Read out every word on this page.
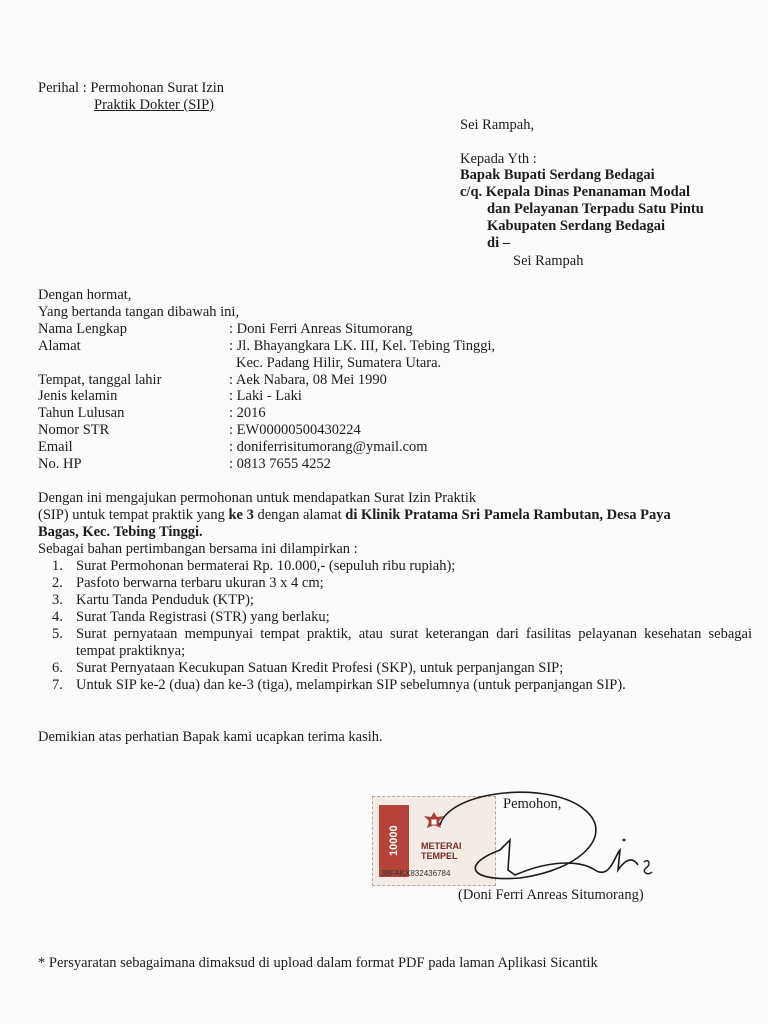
Perihal : Permohonan Surat Izin
Praktik Dokter (SIP)
Sei Rampah,
Kepada Yth :
Bapak Bupati Serdang Bedagai
c/q. Kepala Dinas Penanaman Modal
dan Pelayanan Terpadu Satu Pintu
Kabupaten Serdang Bedagai
di –
Sei Rampah
Dengan hormat,
Yang bertanda tangan dibawah ini,
Nama Lengkap	: Doni Ferri Anreas Situmorang
Alamat	: Jl. Bhayangkara LK. III, Kel. Tebing Tinggi,
Kec. Padang Hilir, Sumatera Utara.
Tempat, tanggal lahir	: Aek Nabara, 08 Mei 1990
Jenis kelamin	: Laki - Laki
Tahun Lulusan	: 2016
Nomor STR	: EW00000500430224
Email	: doniferrisitumorang@ymail.com
No. HP	: 0813 7655 4252
Dengan ini mengajukan permohonan untuk mendapatkan Surat Izin Praktik
(SIP) untuk tempat praktik yang ke 3 dengan alamat di Klinik Pratama Sri Pamela Rambutan, Desa Paya
Bagas, Kec. Tebing Tinggi.
Sebagai bahan pertimbangan bersama ini dilampirkan :
1. Surat Permohonan bermaterai Rp. 10.000,- (sepuluh ribu rupiah);
2. Pasfoto berwarna terbaru ukuran 3 x 4 cm;
3. Kartu Tanda Penduduk (KTP);
4. Surat Tanda Registrasi (STR) yang berlaku;
5. Surat pernyataan mempunyai tempat praktik, atau surat keterangan dari fasilitas pelayanan kesehatan sebagai tempat praktiknya;
6. Surat Pernyataan Kecukupan Satuan Kredit Profesi (SKP), untuk perpanjangan SIP;
7. Untuk SIP ke-2 (dua) dan ke-3 (tiga), melampirkan SIP sebelumnya (untuk perpanjangan SIP).
Demikian atas perhatian Bapak kami ucapkan terima kasih.
10000	METERAI
TEMPEL
38FAKX832436784
Pemohon,
(Doni Ferri Anreas Situmorang)
* Persyaratan sebagaimana dimaksud di upload dalam format PDF pada laman Aplikasi Sicantik
